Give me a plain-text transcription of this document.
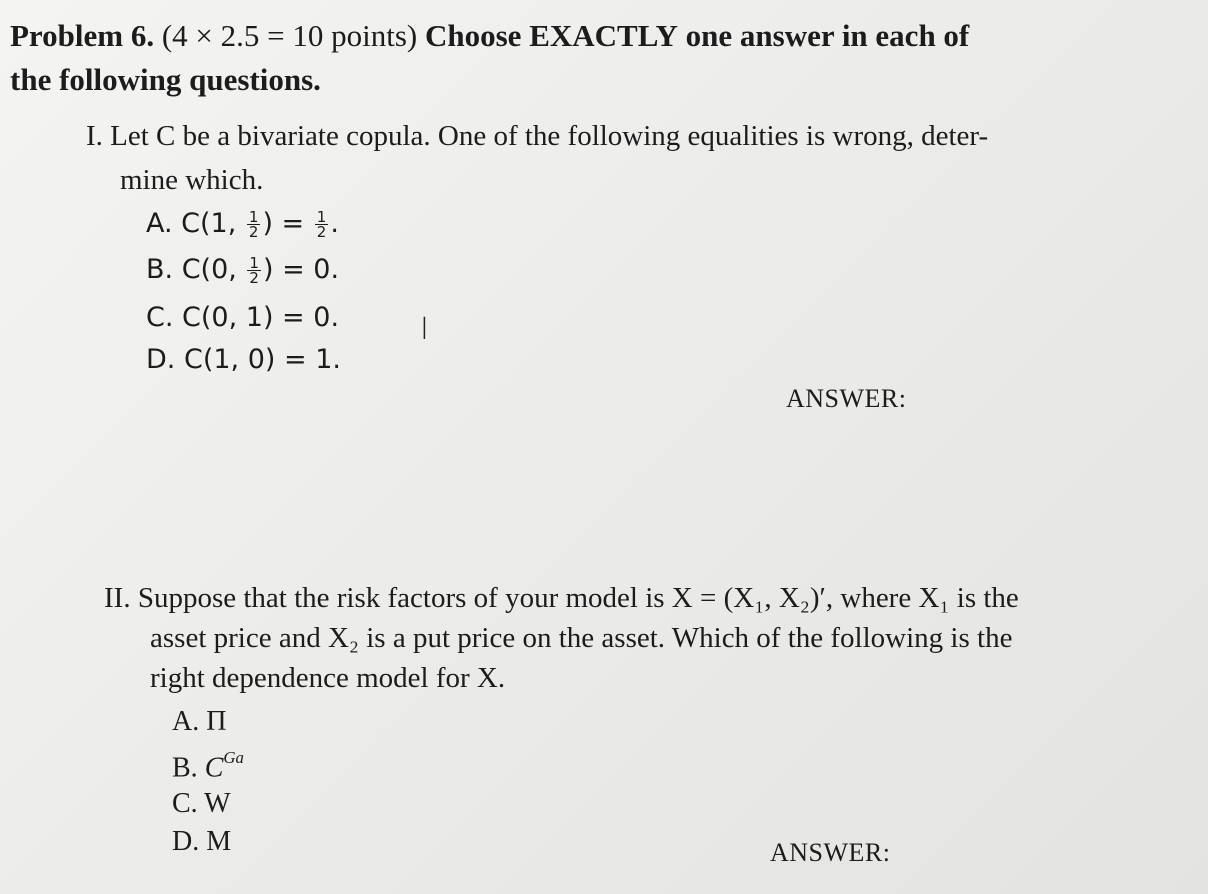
Problem 6. (4 × 2.5 = 10 points) Choose EXACTLY one answer in each of
the following questions.
I. Let C be a bivariate copula. One of the following equalities is wrong, deter-
mine which.
A. C(1, $\frac{1}{2}$ ) = $\frac{1}{2}$ .
B. C(0, $\frac{1}{2}$ ) = 0.
C. C(0, 1) = 0.
D. C(1, 0) = 1.
I
ANSWER:
II. Suppose that the risk factors of your model is X = (X₁, X₂)′, where X₁ is the
asset price and X₂ is a put price on the asset. Which of the following is the
right dependence model for X.
A. Π
B. $C^{Ga}$
C. W
D. M	ANSWER:
